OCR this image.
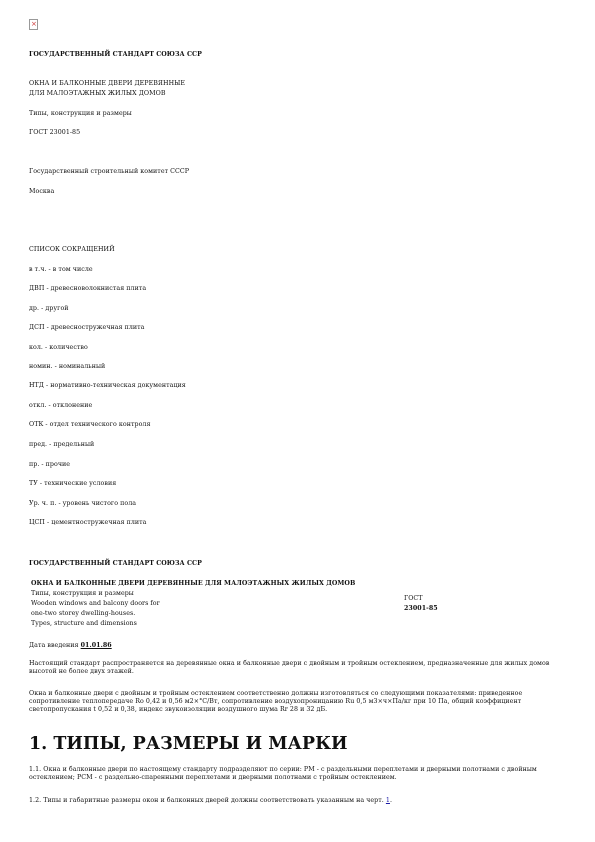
×
ГОСУДАРСТВЕННЫЙ СТАНДАРТ СОЮЗА ССР
ОКНА И БАЛКОННЫЕ ДВЕРИ ДЕРЕВЯННЫЕ
ДЛЯ МАЛОЭТАЖНЫХ ЖИЛЫХ ДОМОВ
Типы, конструкция и размеры
ГОСТ 23001-85
Государственный строительный комитет СССР
Москва
СПИСОК СОКРАЩЕНИЙ
в т.ч. - в том числе
ДВП - древесноволокнистая плита
др. - другой
ДСП - древесностружечная плита
кол. - количество
номин. - номинальный
НТД - нормативно-техническая документация
откл. - отклонение
ОТК - отдел технического контроля
пред. - предельный
пр. - прочие
ТУ - технические условия
Ур. ч. п. - уровень чистого пола
ЦСП - цементностружечная плита
ГОСУДАРСТВЕННЫЙ СТАНДАРТ СОЮЗА ССР
ОКНА И БАЛКОННЫЕ ДВЕРИ ДЕРЕВЯННЫЕ ДЛЯ МАЛОЭТАЖНЫХ ЖИЛЫХ ДОМОВ
Типы, конструкция и размеры
Wooden windows and balcony doors for
one-two storey dwelling-houses.
Types, structure and dimensions
ГОСТ
23001-85
Дата введения 01.01.86
Настоящий стандарт распространяется на деревянные окна и балконные двери с двойным и тройным остеклением, предназначенные для жилых домов высотой не более двух этажей.
Окна и балконные двери с двойным и тройным остеклением соответственно должны изготовляться со следующими показателями: приведенное сопротивление теплопередаче Ro 0,42 и 0,56 м2×°С/Вт, сопротивление воздухопроницанию Ru 0,5 м3×ч×Па/кг при 10 Па, общий коэффициент светопропускания t 0,52 и 0,38, индекс звукоизоляции воздушного шума Rr 28 и 32 дБ.
1. ТИПЫ, РАЗМЕРЫ И МАРКИ
1.1. Окна и балконные двери по настоящему стандарту подразделяют по серии: РМ - с раздельными переплетами и дверными полотнами с двойным остеклением; РСМ - с раздельно-спаренными переплетами и дверными полотнами с тройным остеклением.
1.2. Типы и габаритные размеры окон и балконных дверей должны соответствовать указанным на черт. 1.
